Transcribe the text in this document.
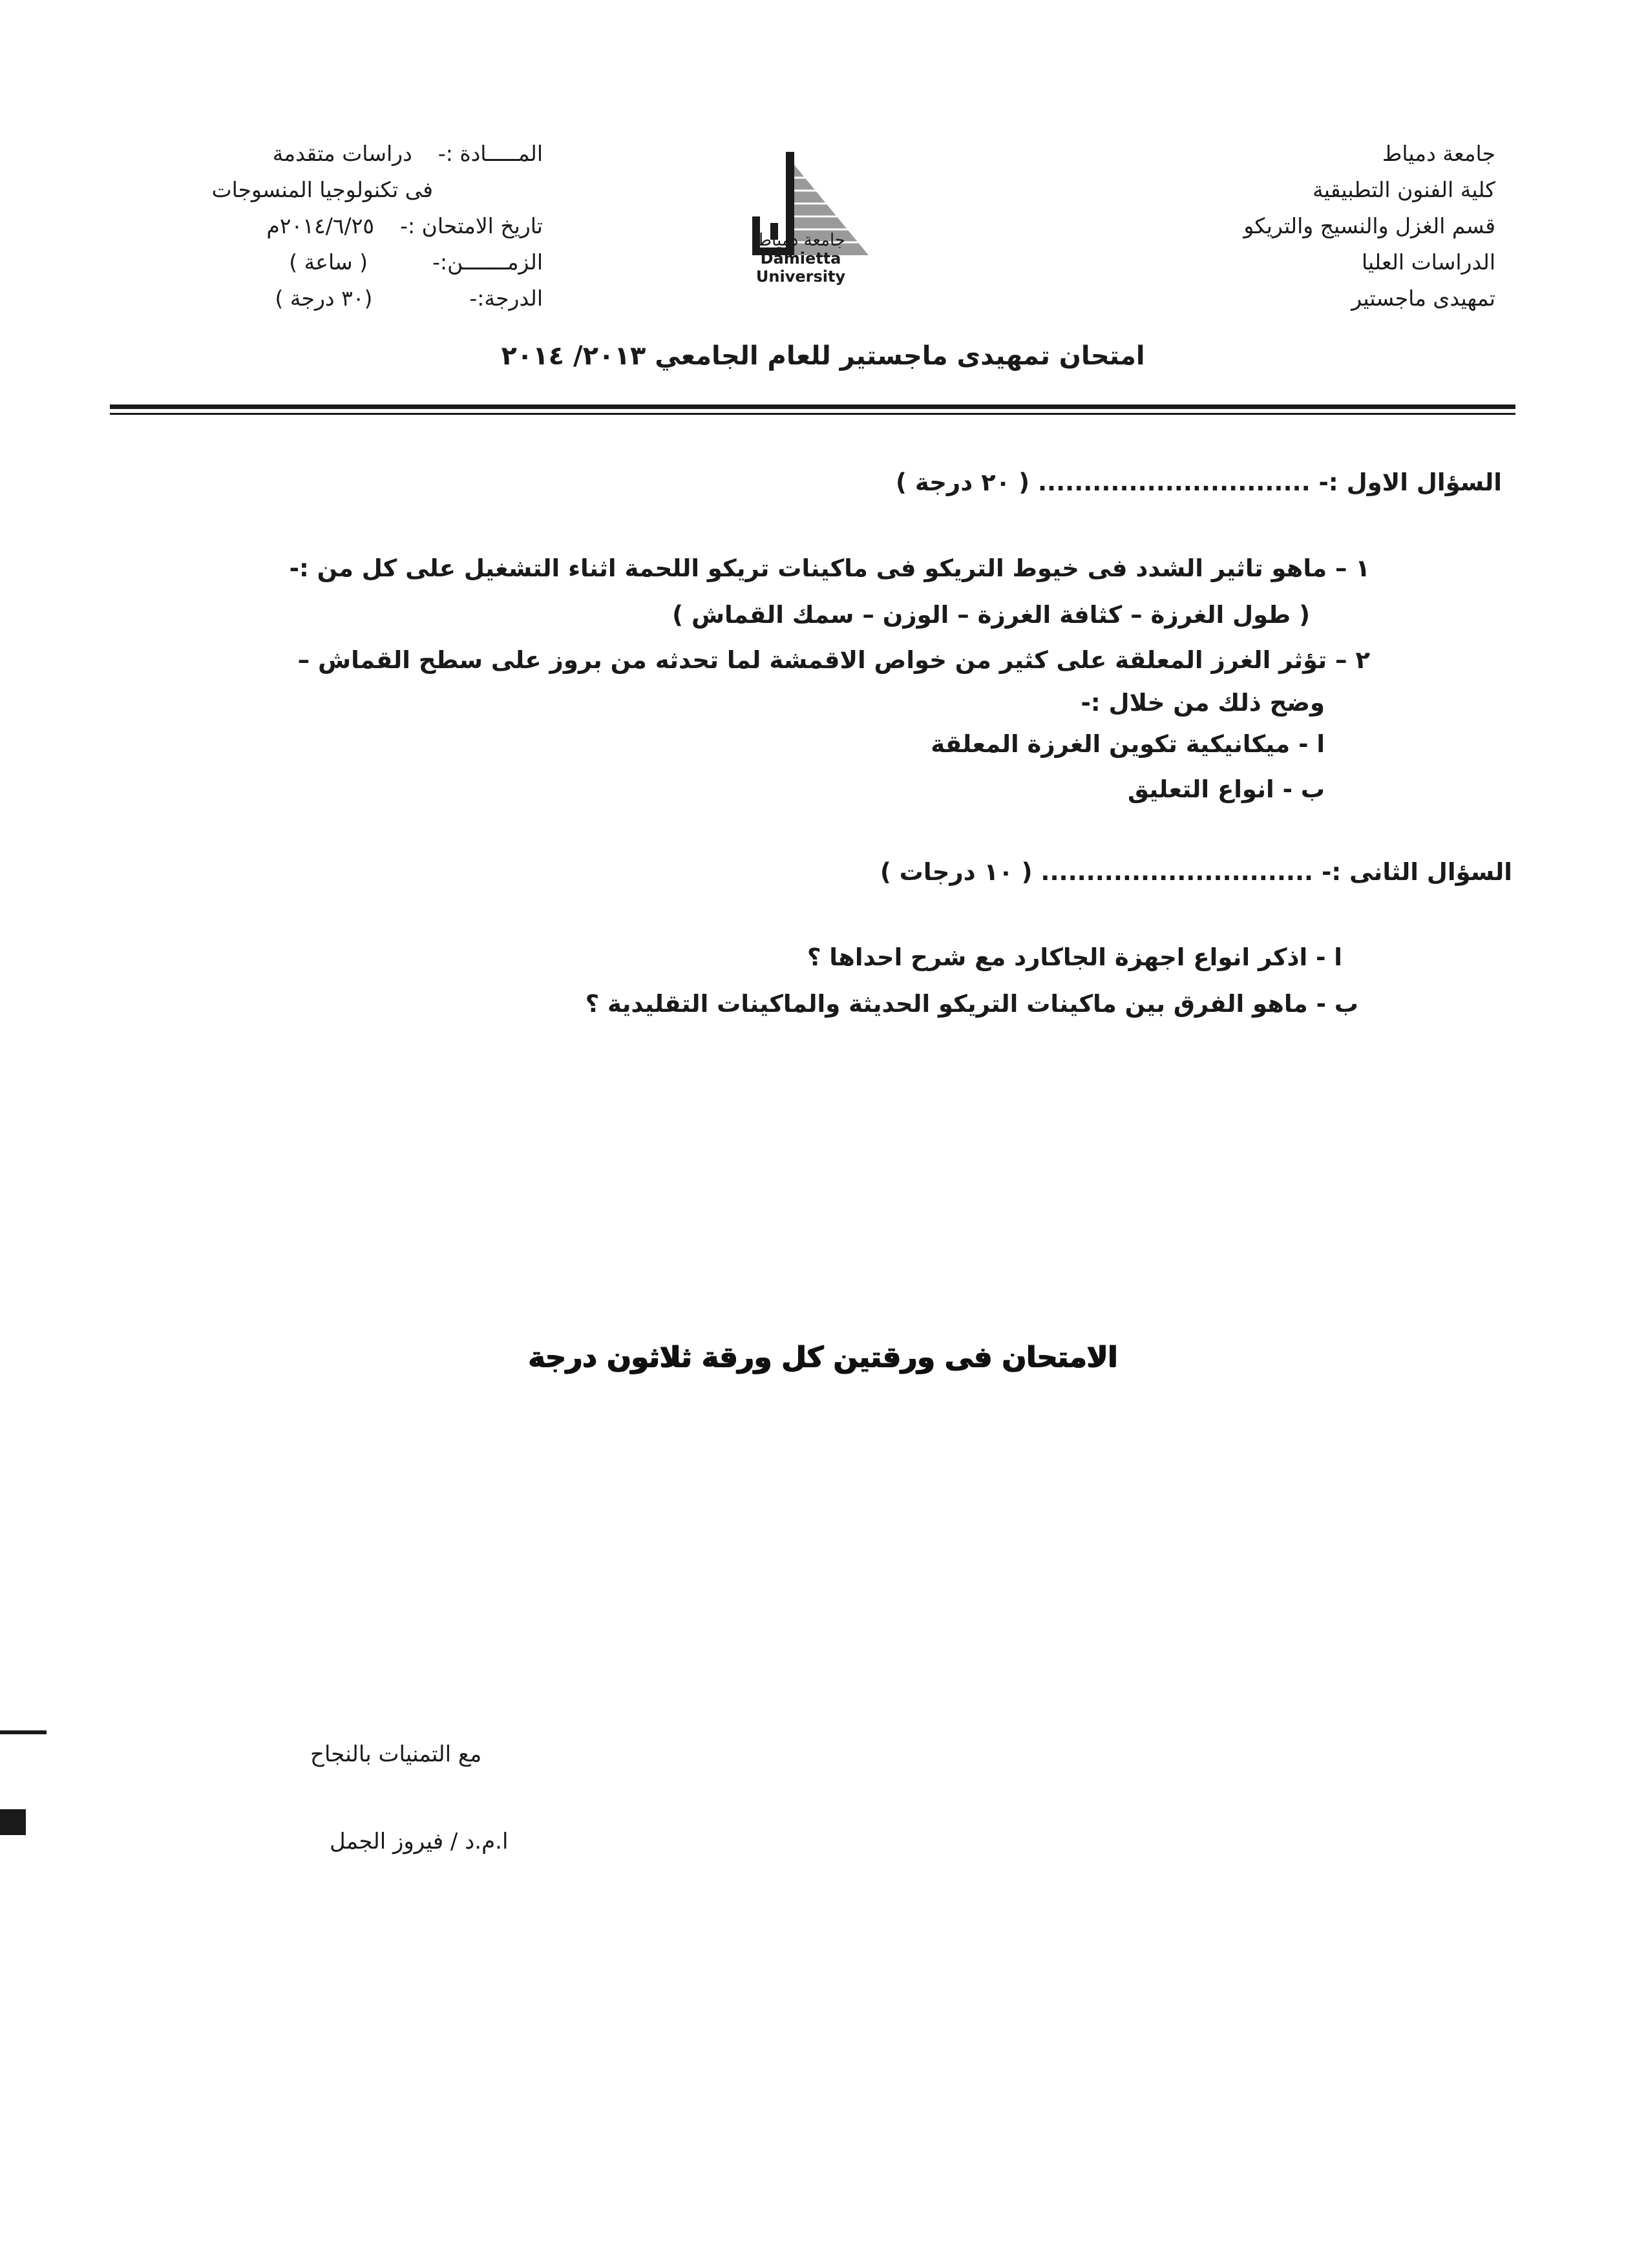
جامعة دمياط
كلية الفنون التطبيقية
قسم الغزل والنسيج والتريكو
الدراسات العليا
تمهيدى ماجستير
جامعة دمياط
Damietta University
المـــــادة :-
دراسات متقدمة
فى تكنولوجيا المنسوجات
تاريخ الامتحان :-
٢٠١٤/٦/٢٥م
الزمـــــــن:-
( ساعة )
الدرجة:-
(٣٠ درجة )
امتحان تمهيدى ماجستير للعام الجامعي ٢٠١٣/ ٢٠١٤
السؤال الاول :- .............................. ( ٢٠ درجة )
١ – ماهو تاثير الشدد فى خيوط التريكو فى ماكينات تريكو اللحمة اثناء التشغيل على كل من :-
( طول الغرزة – كثافة الغرزة – الوزن – سمك القماش )
٢ – تؤثر الغرز المعلقة على كثير من خواص الاقمشة لما تحدثه من بروز على سطح القماش –
وضح ذلك من خلال :-
ا - ميكانيكية تكوين الغرزة المعلقة
ب - انواع التعليق
السؤال الثانى :- .............................. ( ١٠ درجات )
ا - اذكر انواع اجهزة الجاكارد مع شرح احداها ؟
ب - ماهو الفرق بين ماكينات التريكو الحديثة والماكينات التقليدية ؟
الامتحان فى ورقتين كل ورقة ثلاثون درجة
مع التمنيات بالنجاح
ا.م.د / فيروز الجمل
